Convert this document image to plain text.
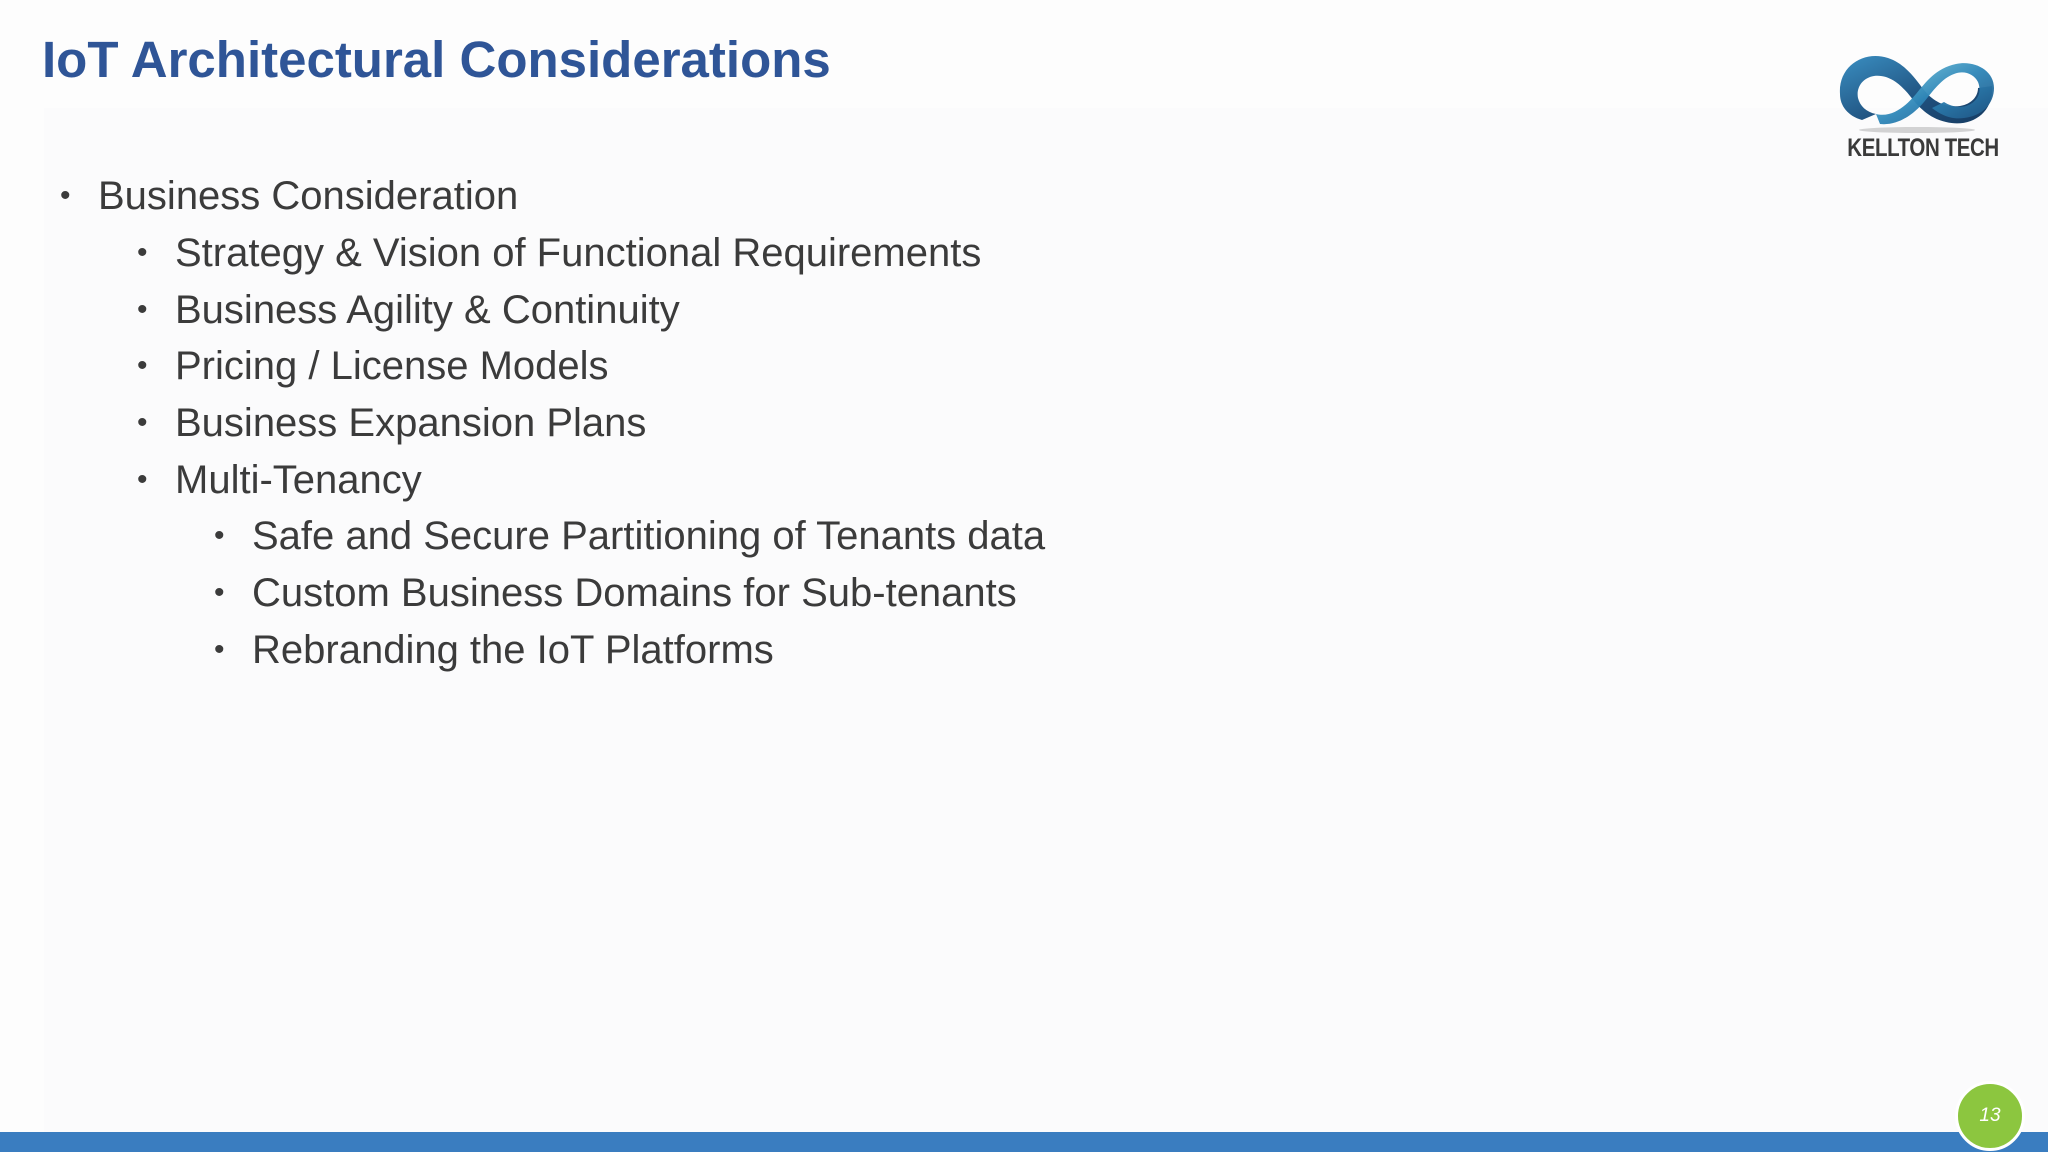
IoT Architectural Considerations
KELLTON TECH
• Business Consideration
• Strategy & Vision of Functional Requirements
• Business Agility & Continuity
• Pricing / License Models
• Business Expansion Plans
• Multi-Tenancy
• Safe and Secure Partitioning of Tenants data
• Custom Business Domains for Sub-tenants
• Rebranding the IoT Platforms
13
